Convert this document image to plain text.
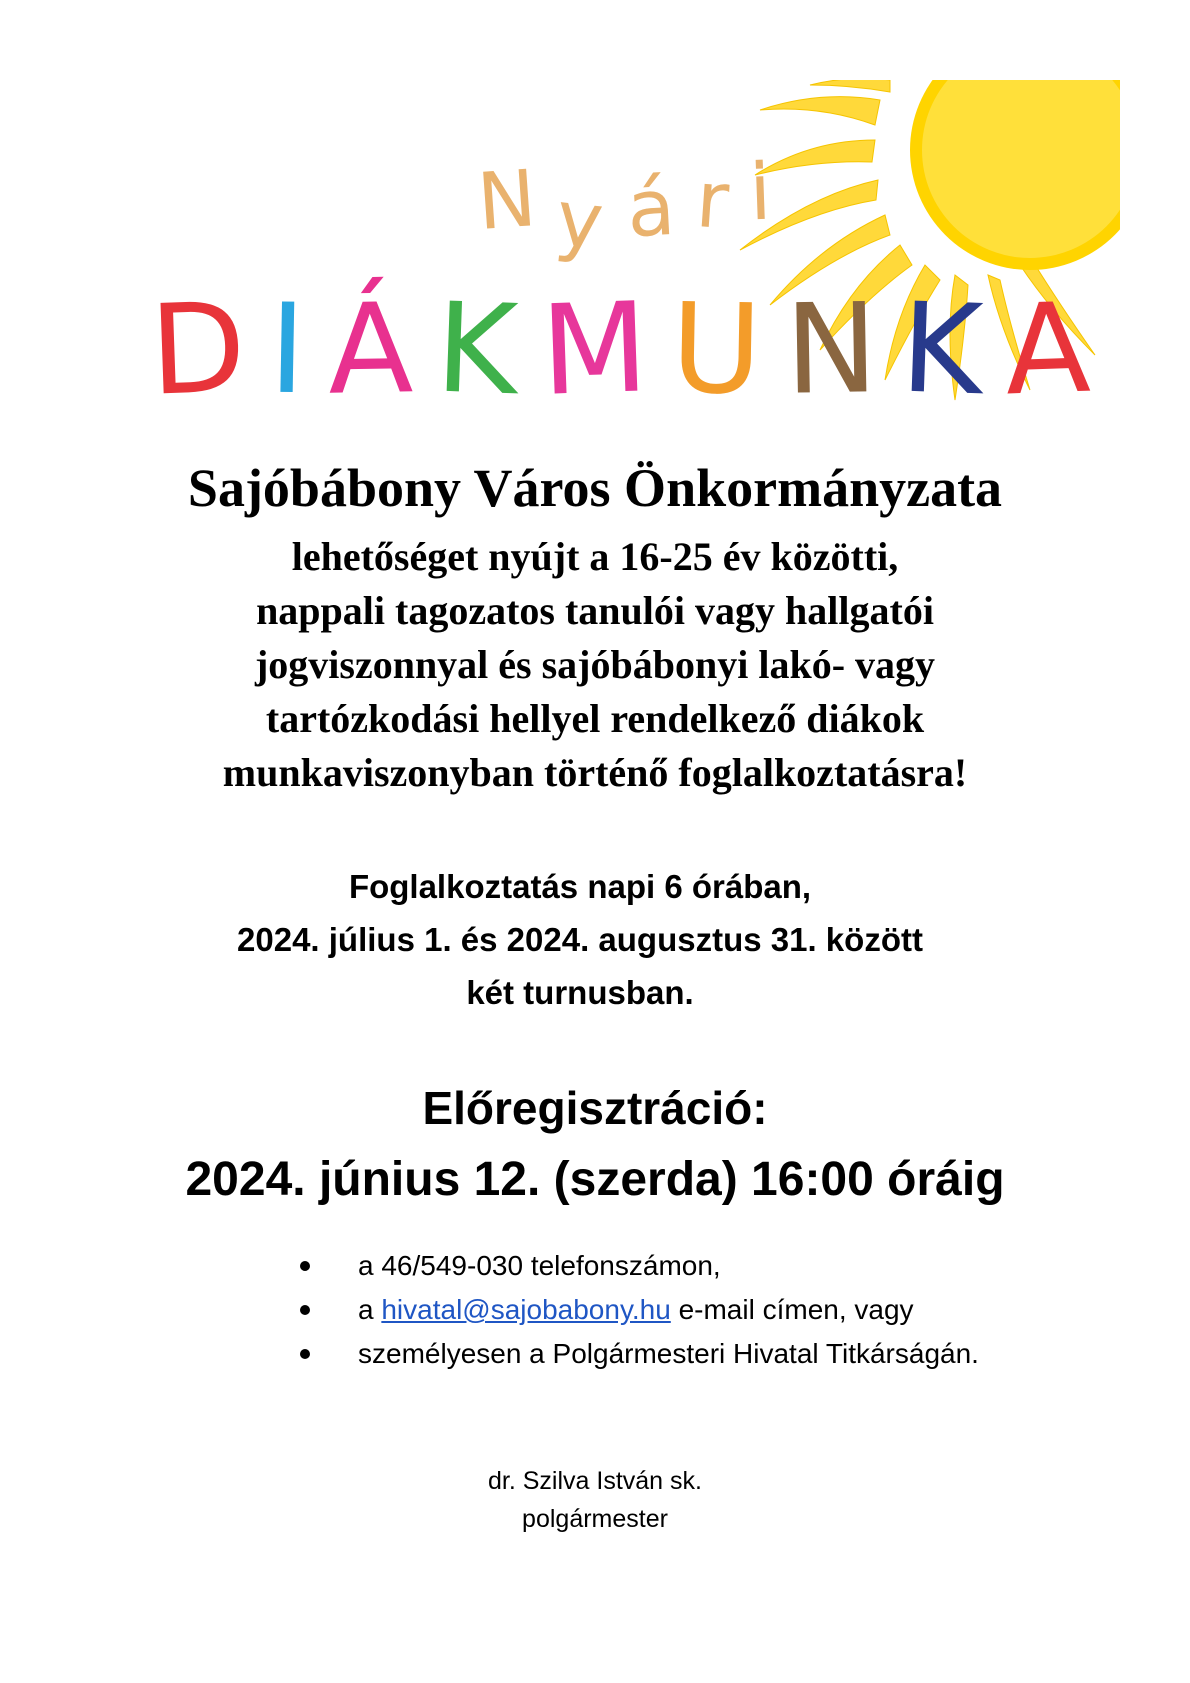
N y á r i
D I Á K M U N K A
Sajóbábony Város Önkormányzata
lehetőséget nyújt a 16-25 év közötti,
nappali tagozatos tanulói vagy hallgatói
jogviszonnyal és sajóbábonyi lakó- vagy
tartózkodási hellyel rendelkező diákok
munkaviszonyban történő foglalkoztatásra!
Foglalkoztatás napi 6 órában,
2024. július 1. és 2024. augusztus 31. között
két turnusban.
Előregisztráció:
2024. június 12. (szerda) 16:00 óráig
a 46/549-030 telefonszámon,
a hivatal@sajobabony.hu e-mail címen, vagy
személyesen a Polgármesteri Hivatal Titkárságán.
dr. Szilva István sk.
polgármester
